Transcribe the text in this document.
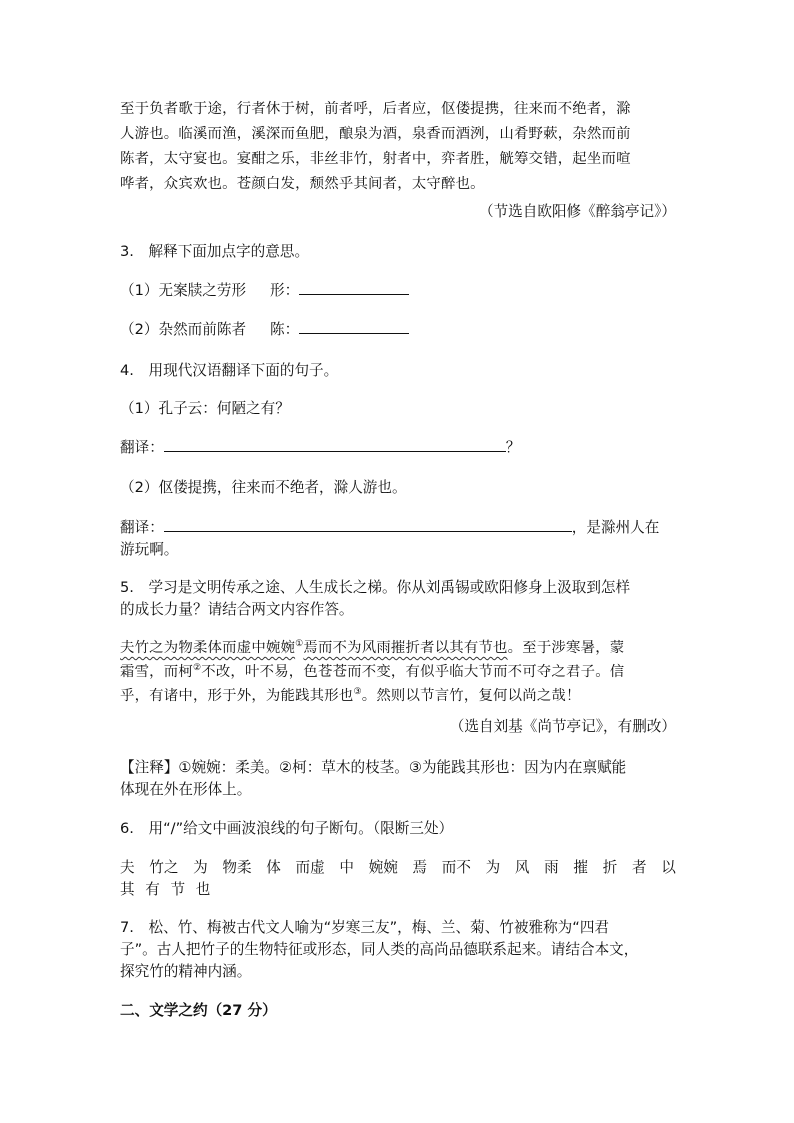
至于负者歌于途，行者休于树，前者呼，后者应，伛偻提携，往来而不绝者，滁
人游也。临溪而渔，溪深而鱼肥，酿泉为酒，泉香而酒洌，山肴野蔌，杂然而前
陈者，太守宴也。宴酣之乐，非丝非竹，射者中，弈者胜，觥筹交错，起坐而喧
哗者，众宾欢也。苍颜白发，颓然乎其间者，太守醉也。
（节选自欧阳修《醉翁亭记》）
3.　解释下面加点字的意思。
（1）无案牍之劳形 形：
（2）杂然而前陈者 陈：
4.　用现代汉语翻译下面的句子。
（1）孔子云：何陋之有？
翻译：	？
（2）伛偻提携，往来而不绝者，滁人游也。
翻译：	，是滁州人在
游玩啊。
5.　学习是文明传承之途、人生成长之梯。你从刘禹锡或欧阳修身上汲取到怎样
的成长力量？请结合两文内容作答。
夫竹之为物柔体而虚中婉婉①焉而不为风雨摧折者以其有节也。至于涉寒暑，蒙
霜雪，而柯②不改，叶不易，色苍苍而不变，有似乎临大节而不可夺之君子。信
乎，有诸中，形于外，为能践其形也③。然则以节言竹，复何以尚之哉！
（选自刘基《尚节亭记》，有删改）
【注释】①婉婉：柔美。②柯：草木的枝茎。③为能践其形也：因为内在禀赋能
体现在外在形体上。
6.　用“/”给文中画波浪线的句子断句。（限断三处）
夫 竹之 为 物柔 体 而虚 中 婉婉 焉 而不 为 风 雨 摧 折 者 以
其 有 节 也
7.　松、竹、梅被古代文人喻为“岁寒三友”，梅、兰、菊、竹被雅称为“四君
子”。古人把竹子的生物特征或形态，同人类的高尚品德联系起来。请结合本文，
探究竹的精神内涵。
二、文学之约（27 分）
